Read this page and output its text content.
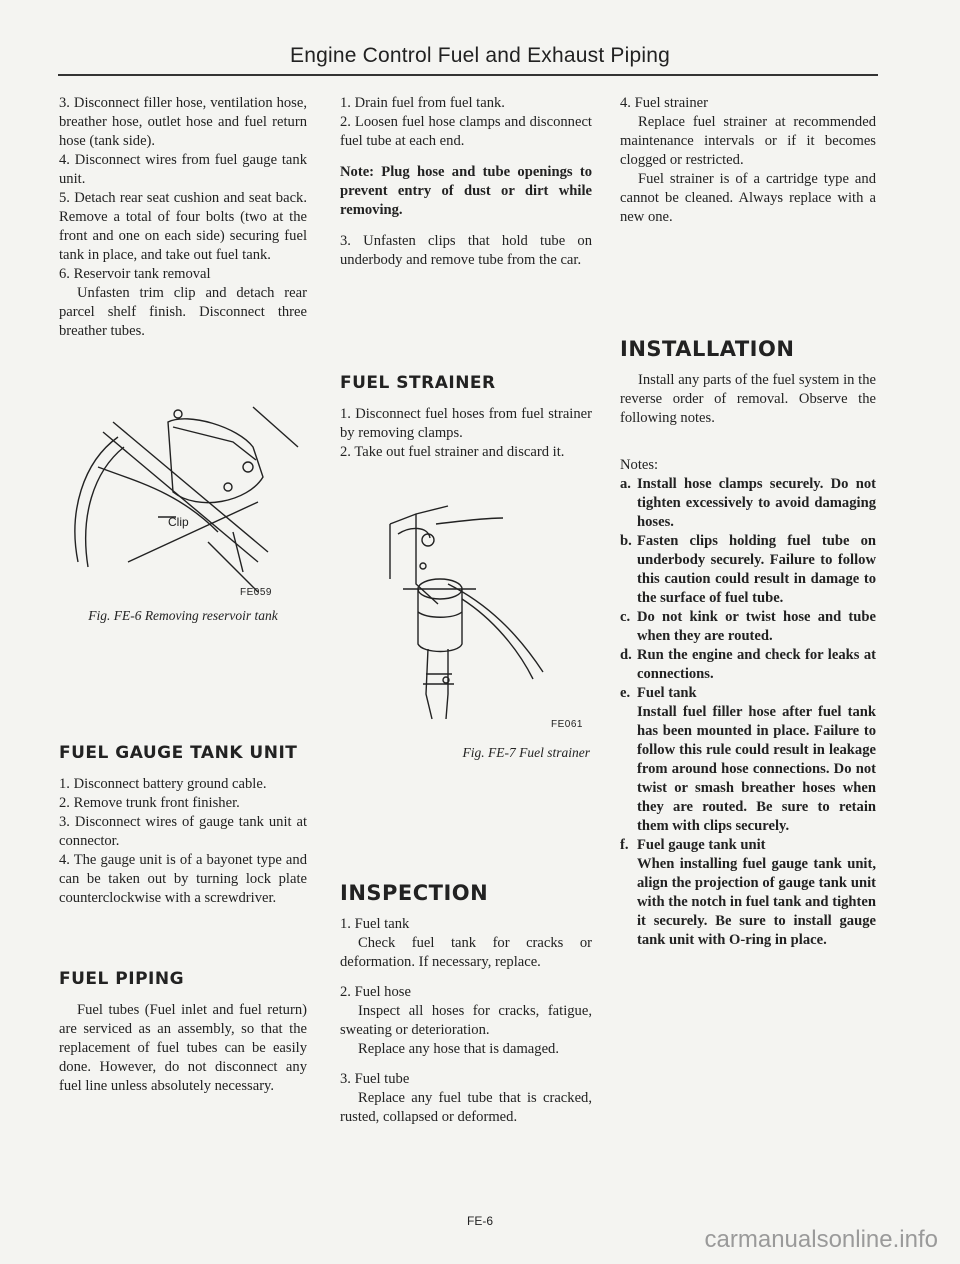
Engine Control Fuel and Exhaust Piping

3. Disconnect filler hose, ventilation hose, breather hose, outlet hose and fuel return hose (tank side).

4. Disconnect wires from fuel gauge tank unit.

5. Detach rear seat cushion and seat back. Remove a total of four bolts (two at the front and one on each side) securing fuel tank in place, and take out fuel tank.

6. Reservoir tank removal

Unfasten trim clip and detach rear parcel shelf finish. Disconnect three breather tubes.

Clip
FE059
Fig. FE-6 Removing reservoir tank

FUEL GAUGE TANK UNIT

1. Disconnect battery ground cable.

2. Remove trunk front finisher.

3. Disconnect wires of gauge tank unit at connector.

4. The gauge unit is of a bayonet type and can be taken out by turning lock plate counterclockwise with a screwdriver.

FUEL PIPING

Fuel tubes (Fuel inlet and fuel return) are serviced as an assembly, so that the replacement of fuel tubes can be easily done. However, do not disconnect any fuel line unless absolutely necessary.

1. Drain fuel from fuel tank.

2. Loosen fuel hose clamps and disconnect fuel tube at each end.

Note: Plug hose and tube openings to prevent entry of dust or dirt while removing.

3. Unfasten clips that hold tube on underbody and remove tube from the car.

FUEL STRAINER

1. Disconnect fuel hoses from fuel strainer by removing clamps.

2. Take out fuel strainer and discard it.

FE061
Fig. FE-7 Fuel strainer

INSPECTION

1. Fuel tank

Check fuel tank for cracks or deformation. If necessary, replace.

2. Fuel hose

Inspect all hoses for cracks, fatigue, sweating or deterioration.

Replace any hose that is damaged.

3. Fuel tube

Replace any fuel tube that is cracked, rusted, collapsed or deformed.

4. Fuel strainer

Replace fuel strainer at recommended maintenance intervals or if it becomes clogged or restricted.

Fuel strainer is of a cartridge type and cannot be cleaned. Always replace with a new one.

INSTALLATION

Install any parts of the fuel system in the reverse order of removal. Observe the following notes.

Notes:

a. Install hose clamps securely. Do not tighten excessively to avoid damaging hoses.
b. Fasten clips holding fuel tube on underbody securely. Failure to follow this caution could result in damage to the surface of fuel tube.
c. Do not kink or twist hose and tube when they are routed.
d. Run the engine and check for leaks at connections.
e. Fuel tank
Install fuel filler hose after fuel tank has been mounted in place. Failure to follow this rule could result in leakage from around hose connections. Do not twist or smash breather hoses when they are routed. Be sure to retain them with clips securely.
f. Fuel gauge tank unit
When installing fuel gauge tank unit, align the projection of gauge tank unit with the notch in fuel tank and tighten it securely. Be sure to install gauge tank unit with O-ring in place.
FE-6
carmanualsonline.info
